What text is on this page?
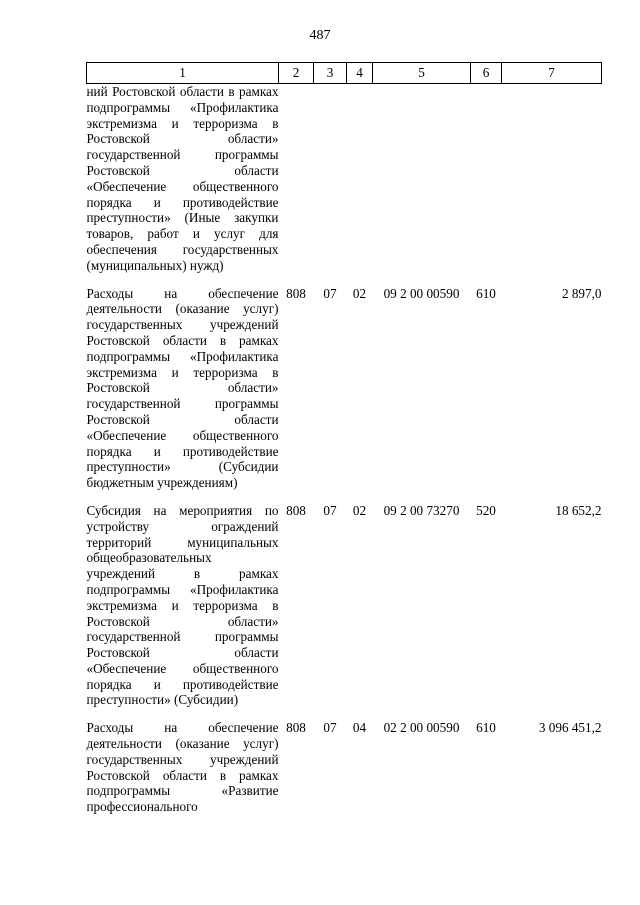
487
1	2	3	4	5	6	7
ний Ростовской области в рамках подпрограммы «Профилактика экстремизма и терроризма в Ростовской области» государственной программы Ростовской области «Обеспечение общественного порядка и противодействие преступности» (Иные закупки товаров, работ и услуг для обеспечения государственных (муниципальных) нужд)						
Расходы на обеспечение деятельности (оказание услуг) государственных учреждений Ростовской области в рамках подпрограммы «Профилактика экстремизма и терроризма в Ростовской области» государственной программы Ростовской области «Обеспечение общественного порядка и противодействие преступности» (Субсидии бюджетным учреждениям)	808	07	02	09 2 00 00590	610	2 897,0
Субсидия на мероприятия по устройству ограждений территорий муниципальных общеобразовательных учреждений в рамках подпрограммы «Профилактика экстремизма и терроризма в Ростовской области» государственной программы Ростовской области «Обеспечение общественного порядка и противодействие преступности» (Субсидии)	808	07	02	09 2 00 73270	520	18 652,2
Расходы на обеспечение деятельности (оказание услуг) государственных учреждений Ростовской области в рамках подпрограммы «Развитие профессионального	808	07	04	02 2 00 00590	610	3 096 451,2
